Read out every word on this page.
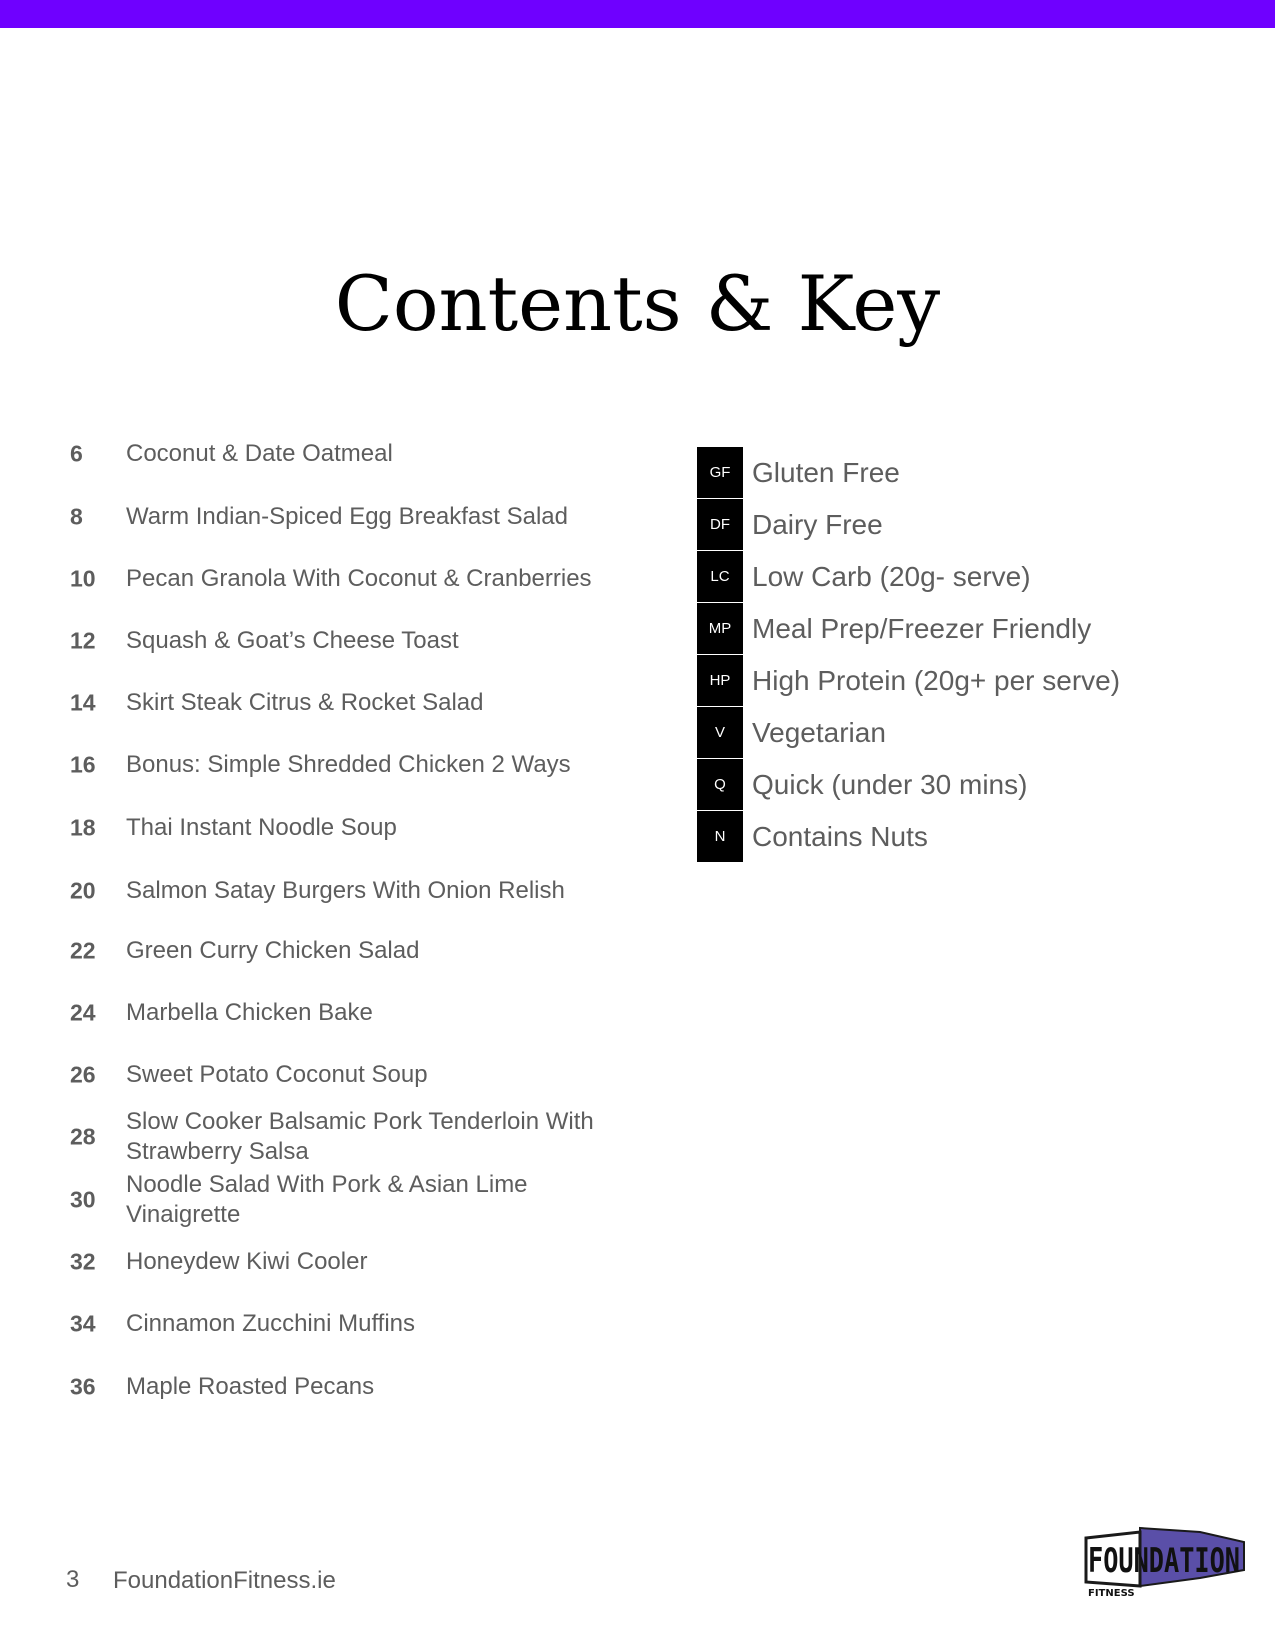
Contents & Key
6 Coconut & Date Oatmeal
8 Warm Indian-Spiced Egg Breakfast Salad
10 Pecan Granola With Coconut & Cranberries
12 Squash & Goat’s Cheese Toast
14 Skirt Steak Citrus & Rocket Salad
16 Bonus: Simple Shredded Chicken 2 Ways
18 Thai Instant Noodle Soup
20 Salmon Satay Burgers With Onion Relish
22 Green Curry Chicken Salad
24 Marbella Chicken Bake
26 Sweet Potato Coconut Soup
28
Slow Cooker Balsamic Pork Tenderloin With Strawberry Salsa
30
Noodle Salad With Pork & Asian Lime Vinaigrette
32 Honeydew Kiwi Cooler
34 Cinnamon Zucchini Muffins
36 Maple Roasted Pecans
GF Gluten Free
DF Dairy Free
LC Low Carb (20g- serve)
MP Meal Prep/Freezer Friendly
HP High Protein (20g+ per serve)
V Vegetarian
Q Quick (under 30 mins)
N Contains Nuts
3 FoundationFitness.ie	FOUNDATION
FITNESS
